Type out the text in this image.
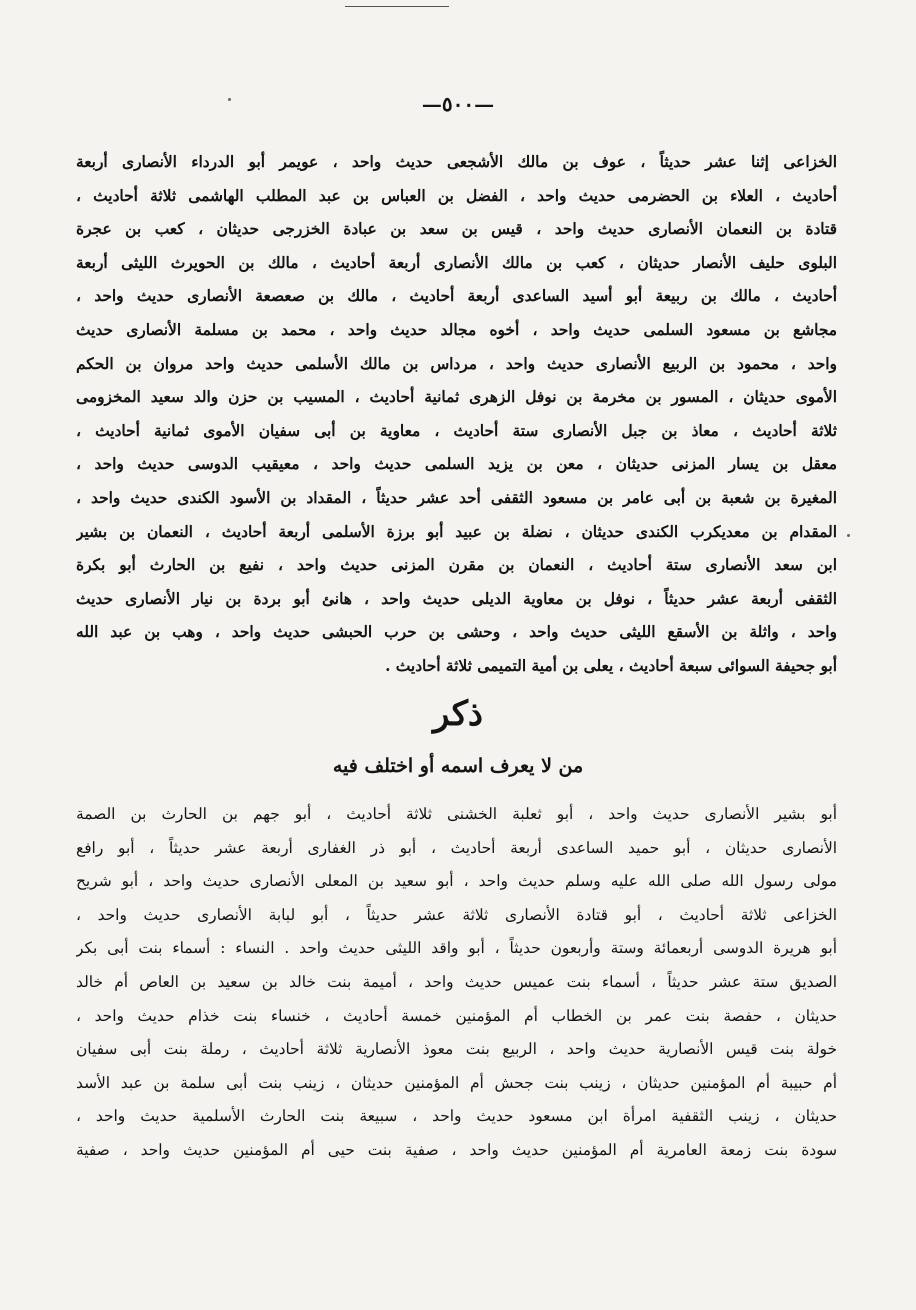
—٥٠٠—
الخزاعى إثنا عشر حديثاً ، عوف بن مالك الأشجعى حديث واحد ، عويمر أبو الدرداء الأنصارى أربعة
أحاديث ، العلاء بن الحضرمى حديث واحد ، الفضل بن العباس بن عبد المطلب الهاشمى ثلاثة أحاديث ،
قتادة بن النعمان الأنصارى حديث واحد ، قيس بن سعد بن عبادة الخزرجى حديثان ، كعب بن عجرة
البلوى حليف الأنصار حديثان ، كعب بن مالك الأنصارى أربعة أحاديث ، مالك بن الحويرث الليثى أربعة
أحاديث ، مالك بن ربيعة أبو أسيد الساعدى أربعة أحاديث ، مالك بن صعصعة الأنصارى حديث واحد ،
مجاشع بن مسعود السلمى حديث واحد ، أخوه مجالد حديث واحد ، محمد بن مسلمة الأنصارى حديث
واحد ، محمود بن الربيع الأنصارى حديث واحد ، مرداس بن مالك الأسلمى حديث واحد مروان بن الحكم
الأموى حديثان ، المسور بن مخرمة بن نوفل الزهرى ثمانية أحاديث ، المسيب بن حزن والد سعيد المخزومى
ثلاثة أحاديث ، معاذ بن جبل الأنصارى ستة أحاديث ، معاوية بن أبى سفيان الأموى ثمانية أحاديث ،
معقل بن يسار المزنى حديثان ، معن بن يزيد السلمى حديث واحد ، معيقيب الدوسى حديث واحد ،
المغيرة بن شعبة بن أبى عامر بن مسعود الثقفى أحد عشر حديثاً ، المقداد بن الأسود الكندى حديث واحد ،
المقدام بن معديكرب الكندى حديثان ، نضلة بن عبيد أبو برزة الأسلمى أربعة أحاديث ، النعمان بن بشير
ابن سعد الأنصارى ستة أحاديث ، النعمان بن مقرن المزنى حديث واحد ، نفيع بن الحارث أبو بكرة
الثقفى أربعة عشر حديثاً ، نوفل بن معاوية الديلى حديث واحد ، هانئ أبو بردة بن نيار الأنصارى حديث
واحد ، واثلة بن الأسقع الليثى حديث واحد ، وحشى بن حرب الحبشى حديث واحد ، وهب بن عبد الله
أبو جحيفة السوائى سبعة أحاديث ، يعلى بن أمية التميمى ثلاثة أحاديث .
ذكر
من لا يعرف اسمه أو اختلف فيه
أبو بشير الأنصارى حديث واحد ، أبو ثعلبة الخشنى ثلاثة أحاديث ، أبو جهم بن الحارث بن الصمة
الأنصارى حديثان ، أبو حميد الساعدى أربعة أحاديث ، أبو ذر الغفارى أربعة عشر حديثاً ، أبو رافع
مولى رسول الله صلى الله عليه وسلم حديث واحد ، أبو سعيد بن المعلى الأنصارى حديث واحد ، أبو شريح
الخزاعى ثلاثة أحاديث ، أبو قتادة الأنصارى ثلاثة عشر حديثاً ، أبو لبابة الأنصارى حديث واحد ،
أبو هريرة الدوسى أربعمائة وستة وأربعون حديثاً ، أبو واقد الليثى حديث واحد . النساء : أسماء بنت أبى بكر
الصديق ستة عشر حديثاً ، أسماء بنت عميس حديث واحد ، أميمة بنت خالد بن سعيد بن العاص أم خالد
حديثان ، حفصة بنت عمر بن الخطاب أم المؤمنين خمسة أحاديث ، خنساء بنت خذام حديث واحد ،
خولة بنت قيس الأنصارية حديث واحد ، الربيع بنت معوذ الأنصارية ثلاثة أحاديث ، رملة بنت أبى سفيان
أم حبيبة أم المؤمنين حديثان ، زينب بنت جحش أم المؤمنين حديثان ، زينب بنت أبى سلمة بن عبد الأسد
حديثان ، زينب الثقفية امرأة ابن مسعود حديث واحد ، سبيعة بنت الحارث الأسلمية حديث واحد ،
سودة بنت زمعة العامرية أم المؤمنين حديث واحد ، صفية بنت حيى أم المؤمنين حديث واحد ، صفية
